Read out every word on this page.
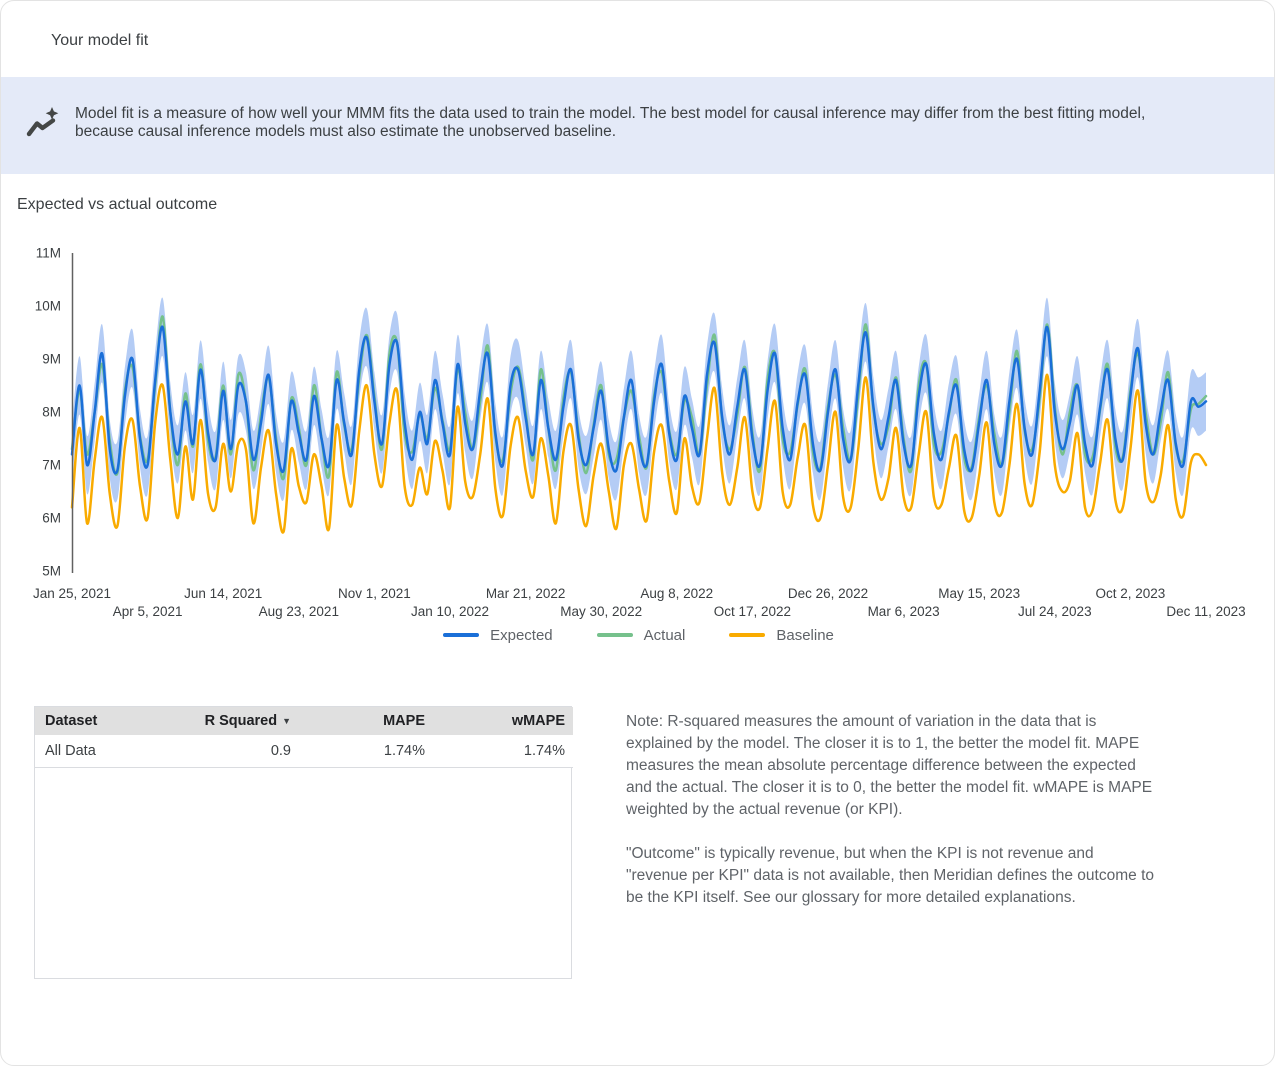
Your model fit
Model fit is a measure of how well your MMM fits the data used to train the model. The best model for causal inference may differ from the best fitting model, because causal inference models must also estimate the unobserved baseline.
Expected vs actual outcome
11M
10M
9M
8M
7M
6M
5M
Jan 25, 2021	Jun 14, 2021	Nov 1, 2021	Mar 21, 2022	Aug 8, 2022	Dec 26, 2022	May 15, 2023	Oct 2, 2023
Apr 5, 2021	Aug 23, 2021	Jan 10, 2022	May 30, 2022	Oct 17, 2022	Mar 6, 2023	Jul 24, 2023	Dec 11, 2023
Expected	Actual	Baseline
Dataset	R Squared ▼	MAPE	wMAPE
All Data	0.9	1.74%	1.74%

Note: R-squared measures the amount of variation in the data that is explained by the model. The closer it is to 1, the better the model fit. MAPE measures the mean absolute percentage difference between the expected and the actual. The closer it is to 0, the better the model fit. wMAPE is MAPE weighted by the actual revenue (or KPI).

"Outcome" is typically revenue, but when the KPI is not revenue and "revenue per KPI" data is not available, then Meridian defines the outcome to be the KPI itself. See our glossary for more detailed explanations.
